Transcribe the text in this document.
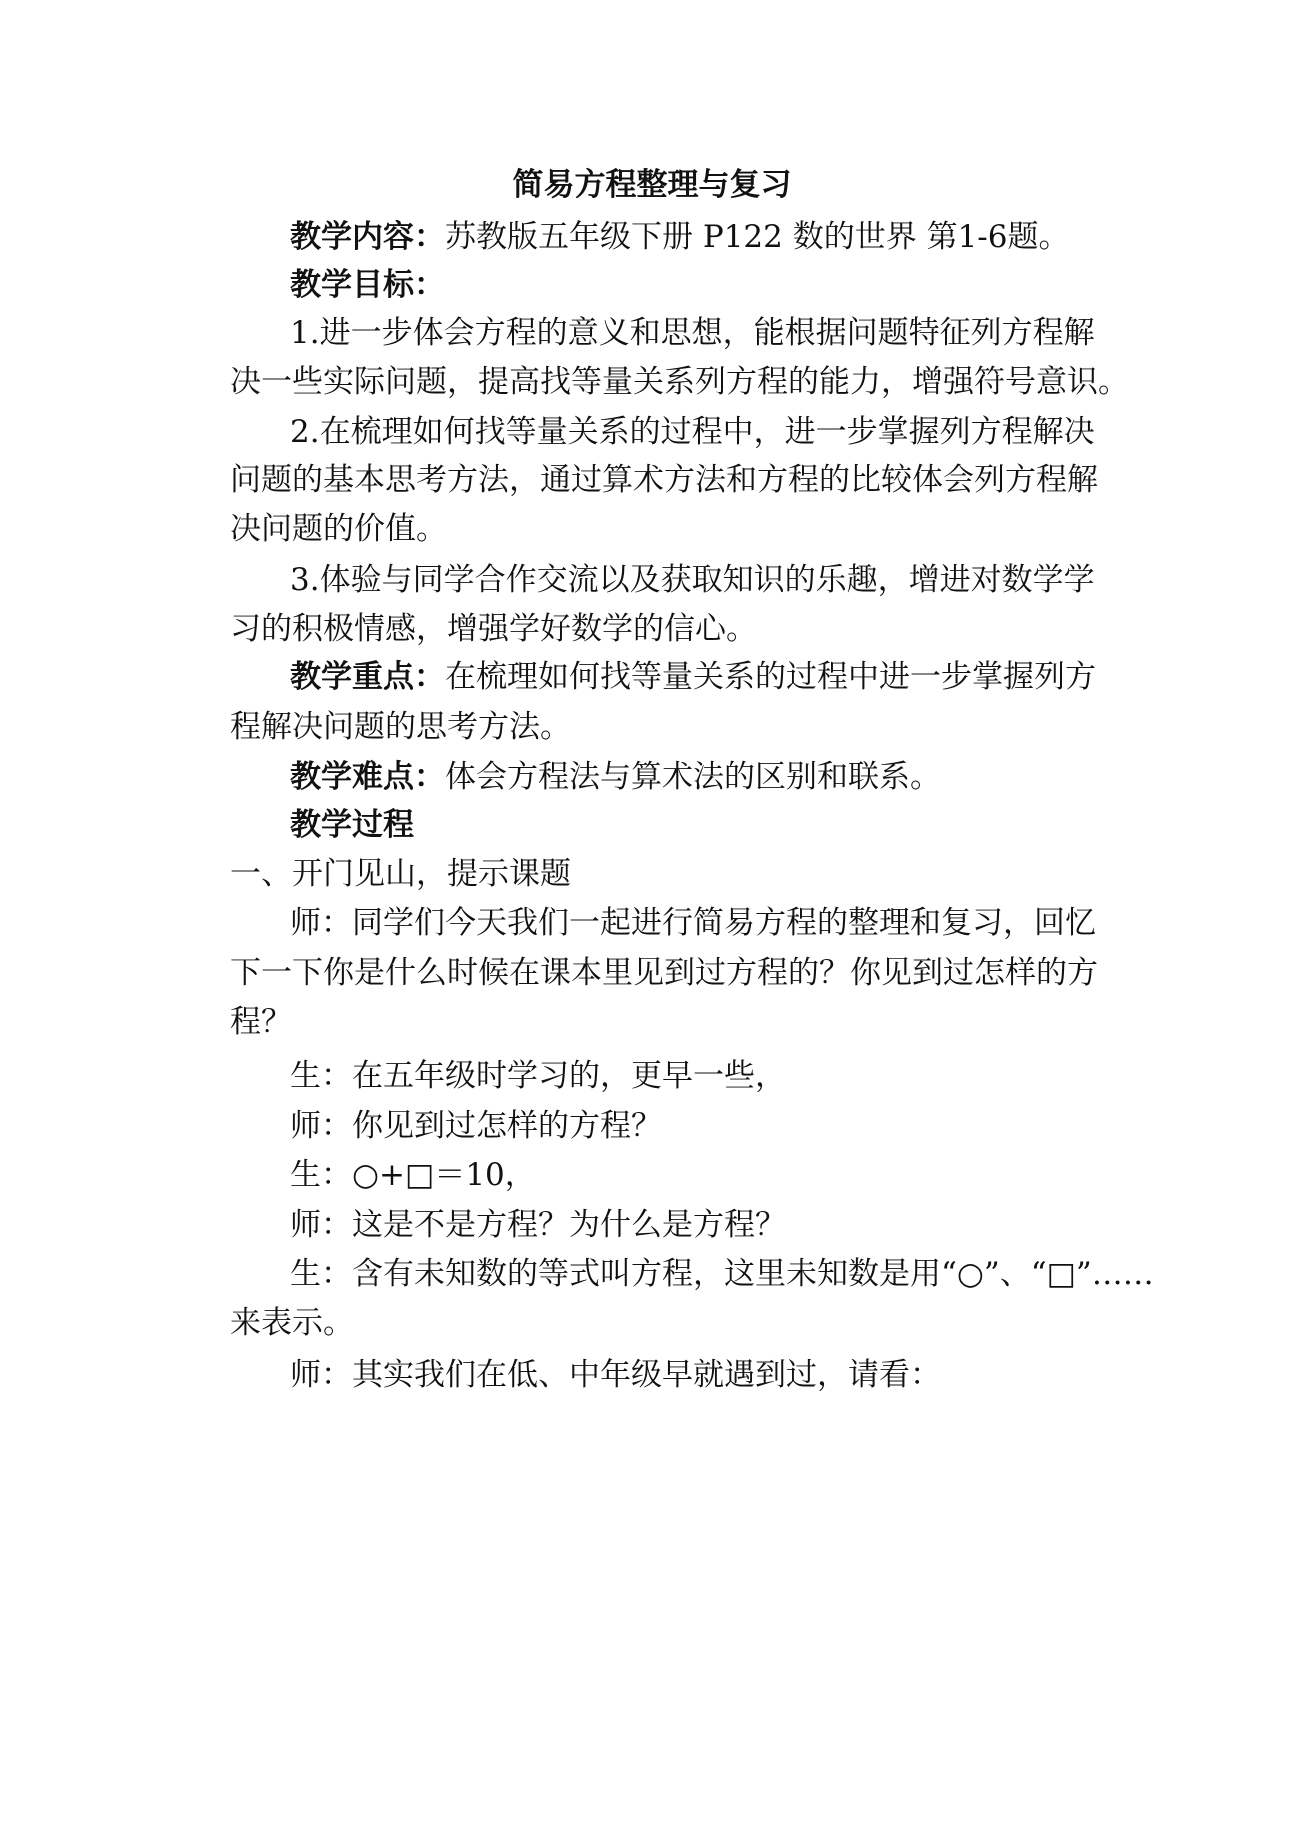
简易方程整理与复习

教学内容：苏教版五年级下册 P122 数的世界 第1-6题。

教学目标：

1.进一步体会方程的意义和思想，能根据问题特征列方程解

决一些实际问题，提高找等量关系列方程的能力，增强符号意识。

2.在梳理如何找等量关系的过程中，进一步掌握列方程解决

问题的基本思考方法，通过算术方法和方程的比较体会列方程解

决问题的价值。

3.体验与同学合作交流以及获取知识的乐趣，增进对数学学

习的积极情感，增强学好数学的信心。

教学重点：在梳理如何找等量关系的过程中进一步掌握列方

程解决问题的思考方法。

教学难点：体会方程法与算术法的区别和联系。

教学过程

一、开门见山，提示课题

师：同学们今天我们一起进行简易方程的整理和复习，回忆

下一下你是什么时候在课本里见到过方程的？你见到过怎样的方

程？

生：在五年级时学习的，更早一些，

师：你见到过怎样的方程？

生：○+□＝10，

师：这是不是方程？为什么是方程？

生：含有未知数的等式叫方程，这里未知数是用“○”、“□”……

来表示。

师：其实我们在低、中年级早就遇到过，请看：
